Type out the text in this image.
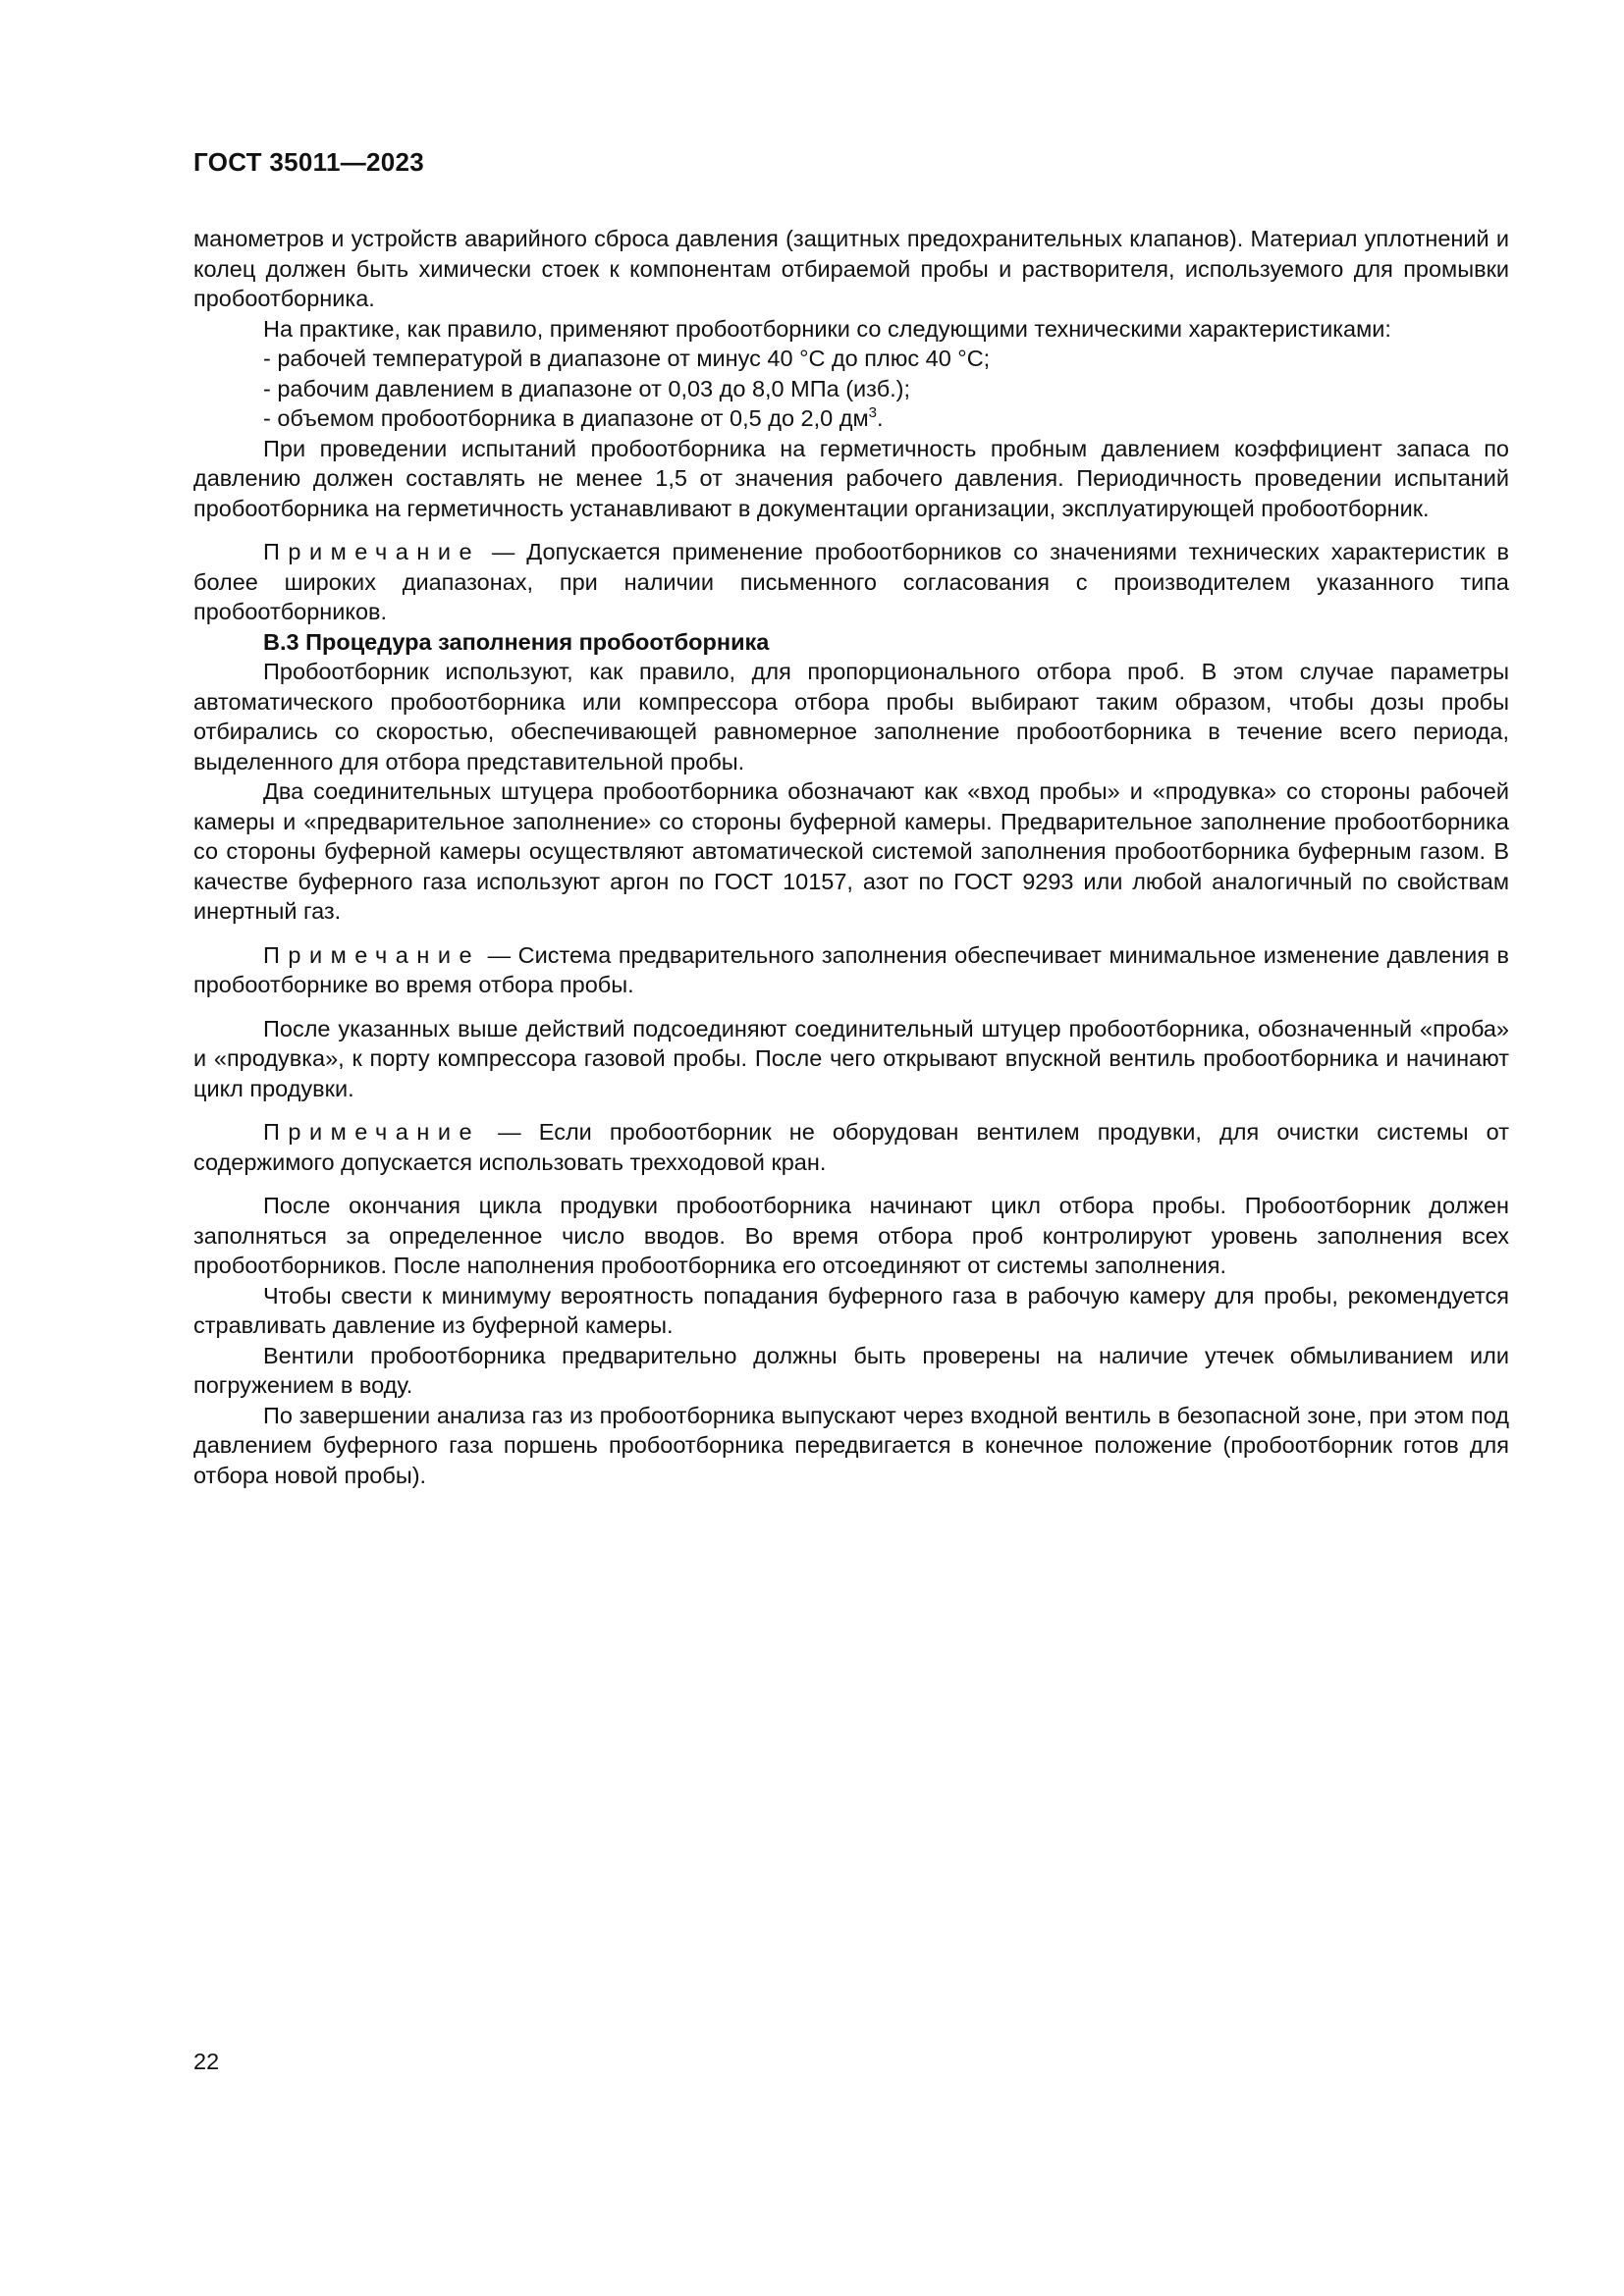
ГОСТ 35011—2023

манометров и устройств аварийного сброса давления (защитных предохранительных клапанов). Материал уплотнений и колец должен быть химически стоек к компонентам отбираемой пробы и растворителя, используемого для промывки пробоотборника.

На практике, как правило, применяют пробоотборники со следующими техническими характеристиками:

- рабочей температурой в диапазоне от минус 40 °С до плюс 40 °С;

- рабочим давлением в диапазоне от 0,03 до 8,0 МПа (изб.);

- объемом пробоотборника в диапазоне от 0,5 до 2,0 $дм^3$.

При проведении испытаний пробоотборника на герметичность пробным давлением коэффициент запаса по давлению должен составлять не менее 1,5 от значения рабочего давления. Периодичность проведении испытаний пробоотборника на герметичность устанавливают в документации организации, эксплуатирующей пробоотборник.

Примечание — Допускается применение пробоотборников со значениями технических характеристик в более широких диапазонах, при наличии письменного согласования с производителем указанного типа пробоотборников.

В.3 Процедура заполнения пробоотборника

Пробоотборник используют, как правило, для пропорционального отбора проб. В этом случае параметры автоматического пробоотборника или компрессора отбора пробы выбирают таким образом, чтобы дозы пробы отбирались со скоростью, обеспечивающей равномерное заполнение пробоотборника в течение всего периода, выделенного для отбора представительной пробы.

Два соединительных штуцера пробоотборника обозначают как «вход пробы» и «продувка» со стороны рабочей камеры и «предварительное заполнение» со стороны буферной камеры. Предварительное заполнение пробоотборника со стороны буферной камеры осуществляют автоматической системой заполнения пробоотборника буферным газом. В качестве буферного газа используют аргон по ГОСТ 10157, азот по ГОСТ 9293 или любой аналогичный по свойствам инертный газ.

Примечание — Система предварительного заполнения обеспечивает минимальное изменение давления в пробоотборнике во время отбора пробы.

После указанных выше действий подсоединяют соединительный штуцер пробоотборника, обозначенный «проба» и «продувка», к порту компрессора газовой пробы. После чего открывают впускной вентиль пробоотборника и начинают цикл продувки.

Примечание — Если пробоотборник не оборудован вентилем продувки, для очистки системы от содержимого допускается использовать трехходовой кран.

После окончания цикла продувки пробоотборника начинают цикл отбора пробы. Пробоотборник должен заполняться за определенное число вводов. Во время отбора проб контролируют уровень заполнения всех пробоотборников. После наполнения пробоотборника его отсоединяют от системы заполнения.

Чтобы свести к минимуму вероятность попадания буферного газа в рабочую камеру для пробы, рекомендуется стравливать давление из буферной камеры.

Вентили пробоотборника предварительно должны быть проверены на наличие утечек обмыливанием или погружением в воду.

По завершении анализа газ из пробоотборника выпускают через входной вентиль в безопасной зоне, при этом под давлением буферного газа поршень пробоотборника передвигается в конечное положение (пробоотборник готов для отбора новой пробы).

22
